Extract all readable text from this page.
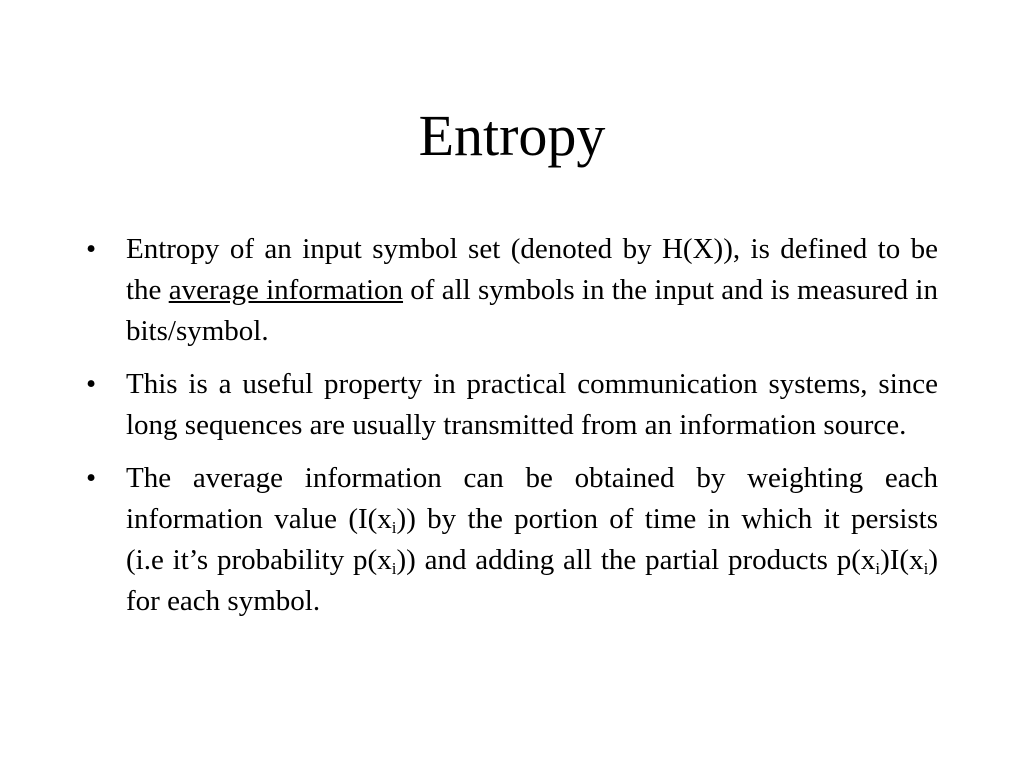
Entropy
• Entropy of an input symbol set (denoted by H(X)), is defined to be the average information of all symbols in the input and is measured in bits/symbol.
• This is a useful property in practical communication systems, since long sequences are usually transmitted from an information source.
• The average information can be obtained by weighting each information value $(I(x_i))$ by the portion of time in which it persists (i.e it’s probability $p(x_i)$) and adding all the partial products $p(x_i)I(x_i)$ for each symbol.
